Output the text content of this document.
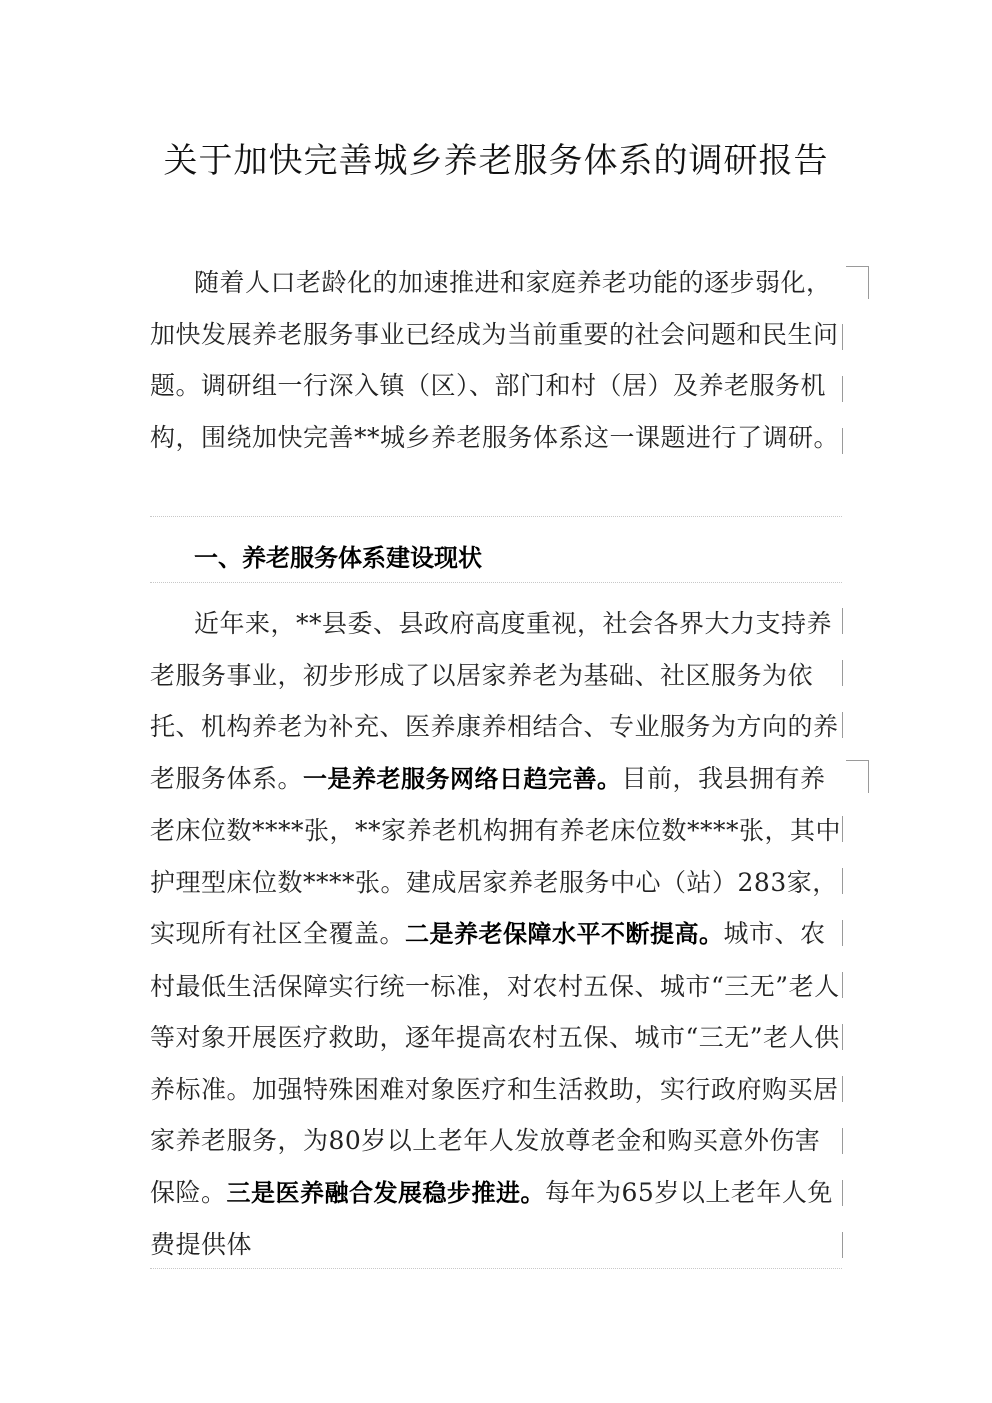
关于加快完善城乡养老服务体系的调研报告
随着人口老龄化的加速推进和家庭养老功能的逐步弱化，加快发展养老服务事业已经成为当前重要的社会问题和民生问题。调研组一行深入镇（区）、部门和村（居）及养老服务机构，围绕加快完善**城乡养老服务体系这一课题进行了调研。
一、养老服务体系建设现状
近年来，**县委、县政府高度重视，社会各界大力支持养老服务事业，初步形成了以居家养老为基础、社区服务为依托、机构养老为补充、医养康养相结合、专业服务为方向的养老服务体系。一是养老服务网络日趋完善。目前，我县拥有养老床位数****张，**家养老机构拥有养老床位数****张，其中护理型床位数****张。建成居家养老服务中心（站）283家，实现所有社区全覆盖。二是养老保障水平不断提高。城市、农村最低生活保障实行统一标准，对农村五保、城市“三无”老人等对象开展医疗救助，逐年提高农村五保、城市“三无”老人供养标准。加强特殊困难对象医疗和生活救助，实行政府购买居家养老服务，为80岁以上老年人发放尊老金和购买意外伤害保险。三是医养融合发展稳步推进。每年为65岁以上老年人免费提供体
